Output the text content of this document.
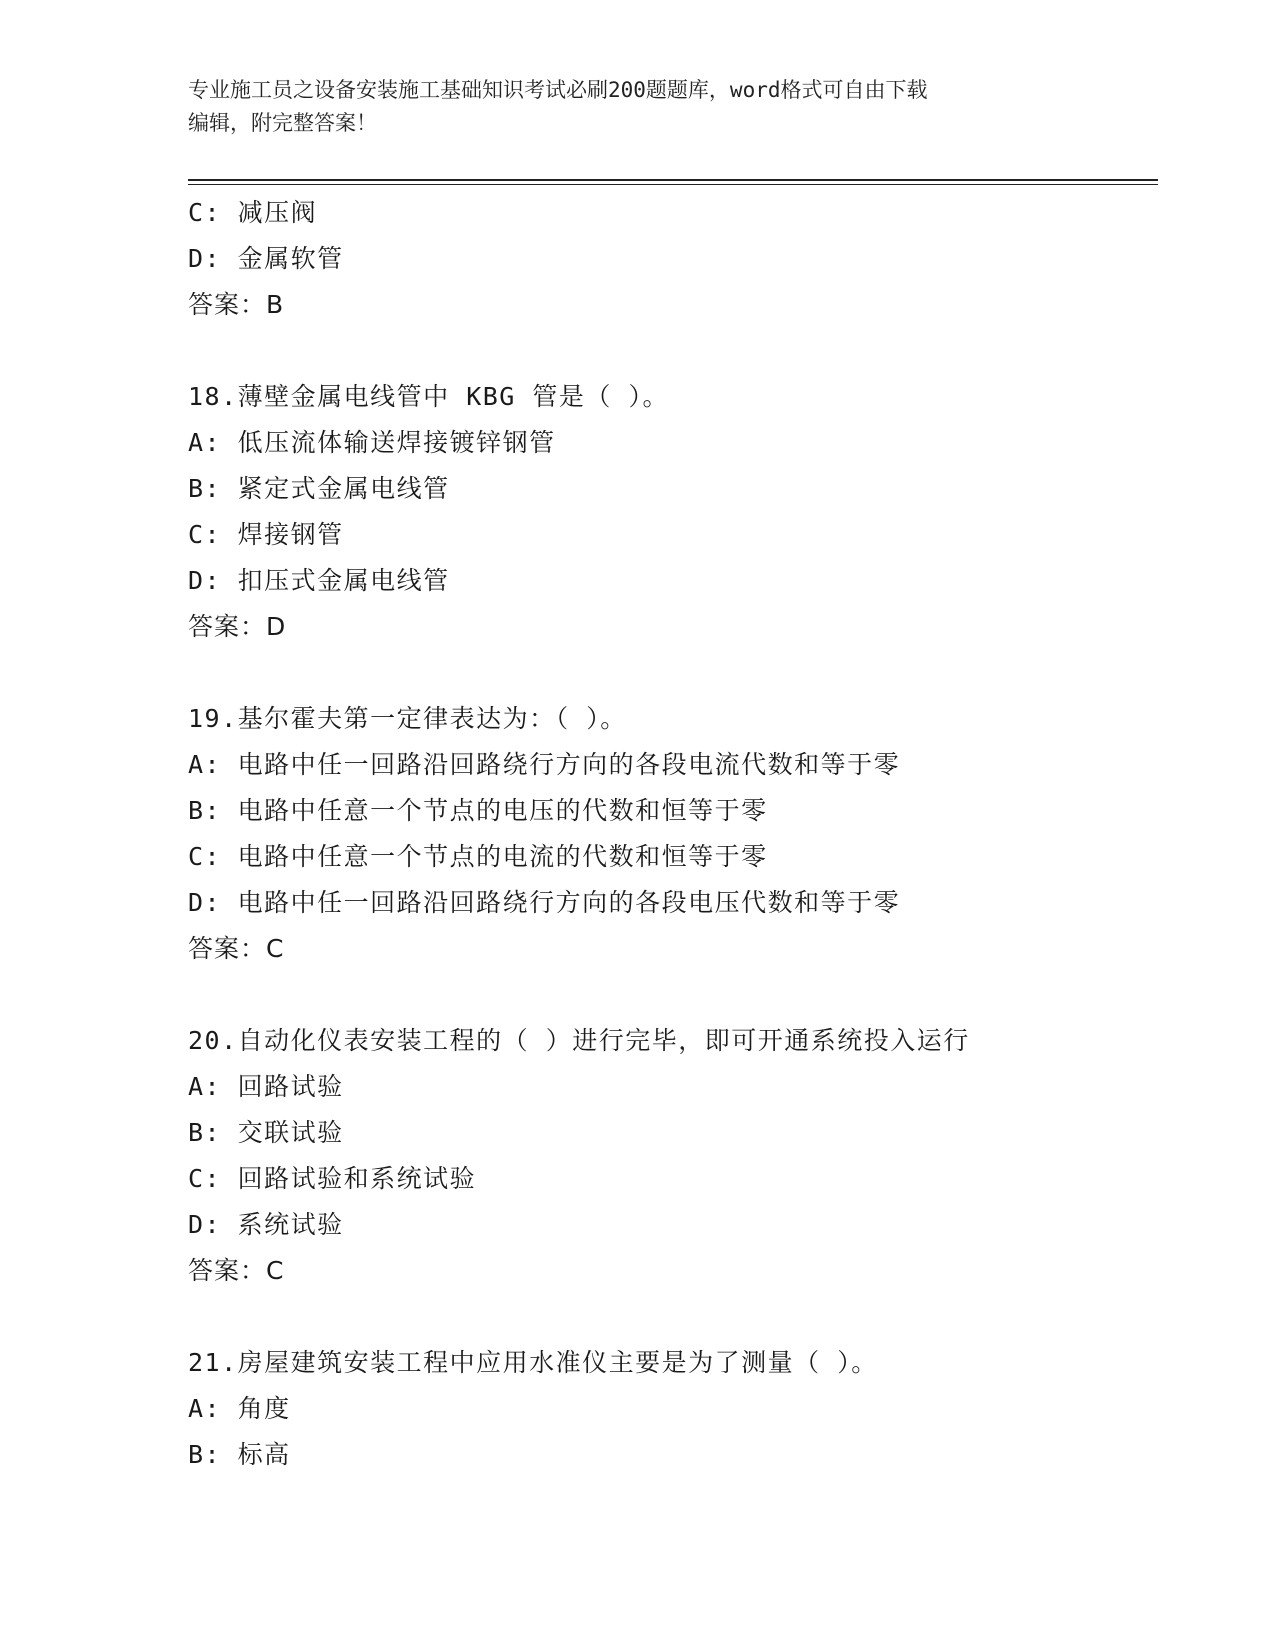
专业施工员之设备安装施工基础知识考试必刷200题题库，word格式可自由下载
编辑，附完整答案！
C: 减压阀
D: 金属软管
答案：B
18.薄壁金属电线管中 KBG 管是（ ）。
A: 低压流体输送焊接镀锌钢管
B: 紧定式金属电线管
C: 焊接钢管
D: 扣压式金属电线管
答案：D
19.基尔霍夫第一定律表达为：（ ）。
A: 电路中任一回路沿回路绕行方向的各段电流代数和等于零
B: 电路中任意一个节点的电压的代数和恒等于零
C: 电路中任意一个节点的电流的代数和恒等于零
D: 电路中任一回路沿回路绕行方向的各段电压代数和等于零
答案：C
20.自动化仪表安装工程的（ ）进行完毕，即可开通系统投入运行
A: 回路试验
B: 交联试验
C: 回路试验和系统试验
D: 系统试验
答案：C
21.房屋建筑安装工程中应用水准仪主要是为了测量（ ）。
A: 角度
B: 标高
